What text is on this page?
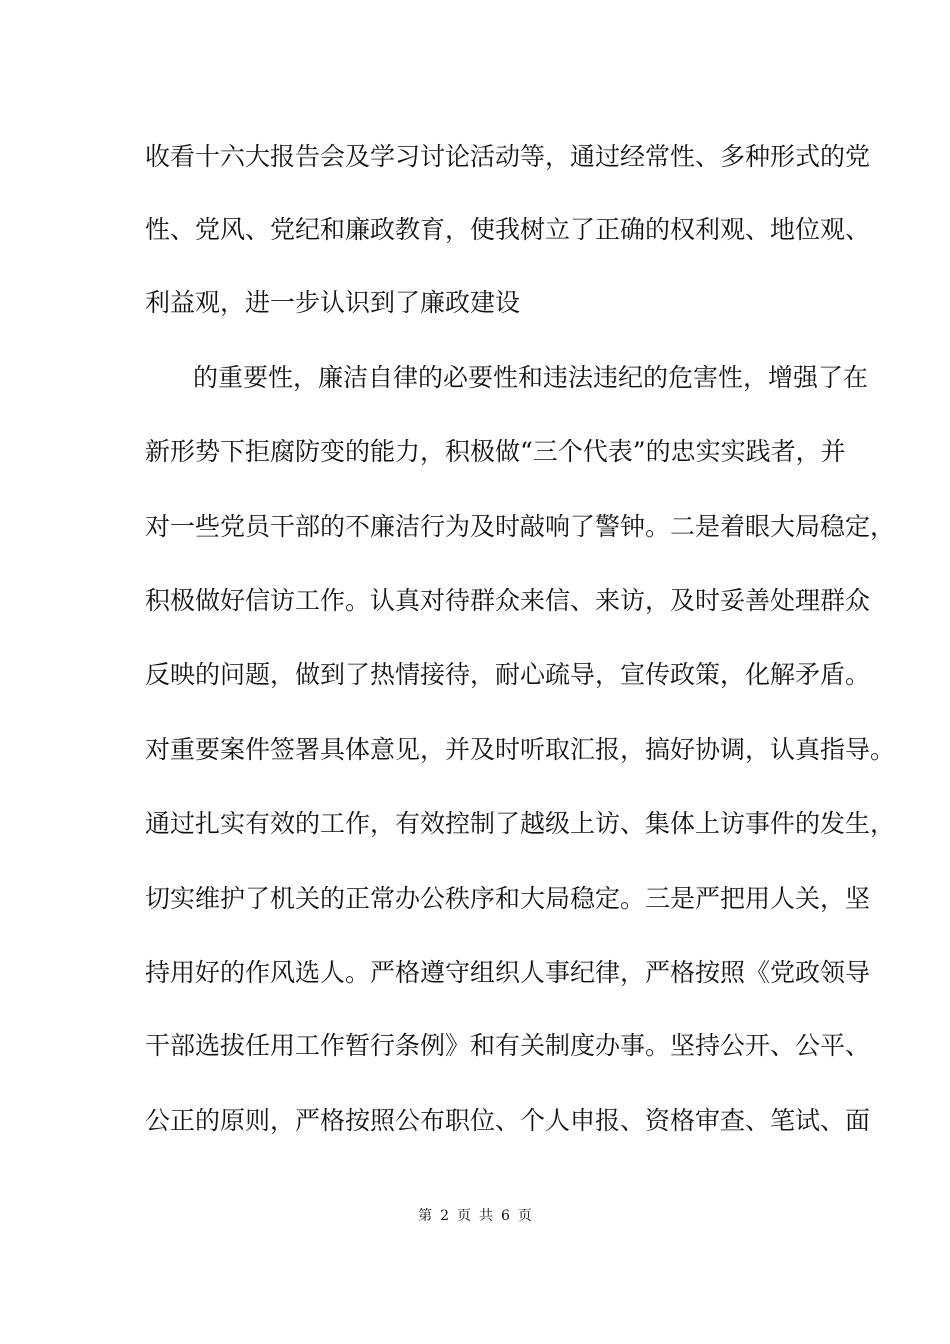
收看十六大报告会及学习讨论活动等，通过经常性、多种形式的党
性、党风、党纪和廉政教育，使我树立了正确的权利观、地位观、
利益观，进一步认识到了廉政建设
的重要性，廉洁自律的必要性和违法违纪的危害性，增强了在
新形势下拒腐防变的能力，积极做“三个代表”的忠实实践者，并
对一些党员干部的不廉洁行为及时敲响了警钟。二是着眼大局稳定，
积极做好信访工作。认真对待群众来信、来访，及时妥善处理群众
反映的问题，做到了热情接待，耐心疏导，宣传政策，化解矛盾。
对重要案件签署具体意见，并及时听取汇报，搞好协调，认真指导。
通过扎实有效的工作，有效控制了越级上访、集体上访事件的发生，
切实维护了机关的正常办公秩序和大局稳定。三是严把用人关，坚
持用好的作风选人。严格遵守组织人事纪律，严格按照《党政领导
干部选拔任用工作暂行条例》和有关制度办事。坚持公开、公平、
公正的原则，严格按照公布职位、个人申报、资格审查、笔试、面
第 2 页 共 6 页
